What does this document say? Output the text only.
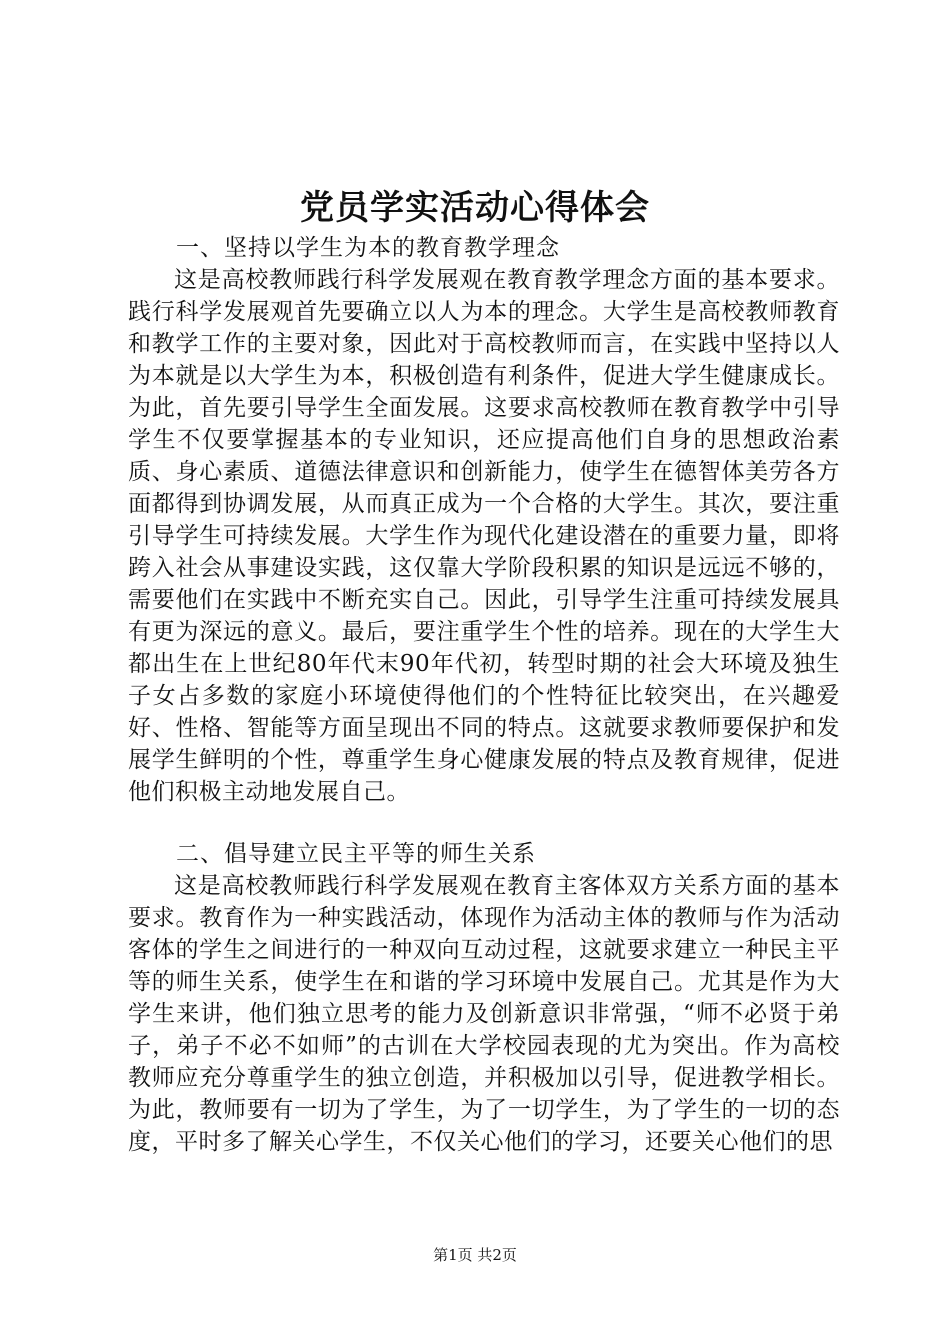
党员学实活动心得体会

一、坚持以学生为本的教育教学理念

这是高校教师践行科学发展观在教育教学理念方面的基本要求。践行科学发展观首先要确立以人为本的理念。大学生是高校教师教育和教学工作的主要对象，因此对于高校教师而言，在实践中坚持以人为本就是以大学生为本，积极创造有利条件，促进大学生健康成长。为此，首先要引导学生全面发展。这要求高校教师在教育教学中引导学生不仅要掌握基本的专业知识，还应提高他们自身的思想政治素质、身心素质、道德法律意识和创新能力，使学生在德智体美劳各方面都得到协调发展，从而真正成为一个合格的大学生。其次，要注重引导学生可持续发展。大学生作为现代化建设潜在的重要力量，即将跨入社会从事建设实践，这仅靠大学阶段积累的知识是远远不够的，需要他们在实践中不断充实自己。因此，引导学生注重可持续发展具有更为深远的意义。最后，要注重学生个性的培养。现在的大学生大都出生在上世纪80年代末90年代初，转型时期的社会大环境及独生子女占多数的家庭小环境使得他们的个性特征比较突出，在兴趣爱好、性格、智能等方面呈现出不同的特点。这就要求教师要保护和发展学生鲜明的个性，尊重学生身心健康发展的特点及教育规律，促进他们积极主动地发展自己。

二、倡导建立民主平等的师生关系

这是高校教师践行科学发展观在教育主客体双方关系方面的基本要求。教育作为一种实践活动，体现作为活动主体的教师与作为活动客体的学生之间进行的一种双向互动过程，这就要求建立一种民主平等的师生关系，使学生在和谐的学习环境中发展自己。尤其是作为大学生来讲，他们独立思考的能力及创新意识非常强，“师不必贤于弟子，弟子不必不如师”的古训在大学校园表现的尤为突出。作为高校教师应充分尊重学生的独立创造，并积极加以引导，促进教学相长。为此，教师要有一切为了学生，为了一切学生，为了学生的一切的态度，平时多了解关心学生，不仅关心他们的学习，还要关心他们的思

第1页 共2页
